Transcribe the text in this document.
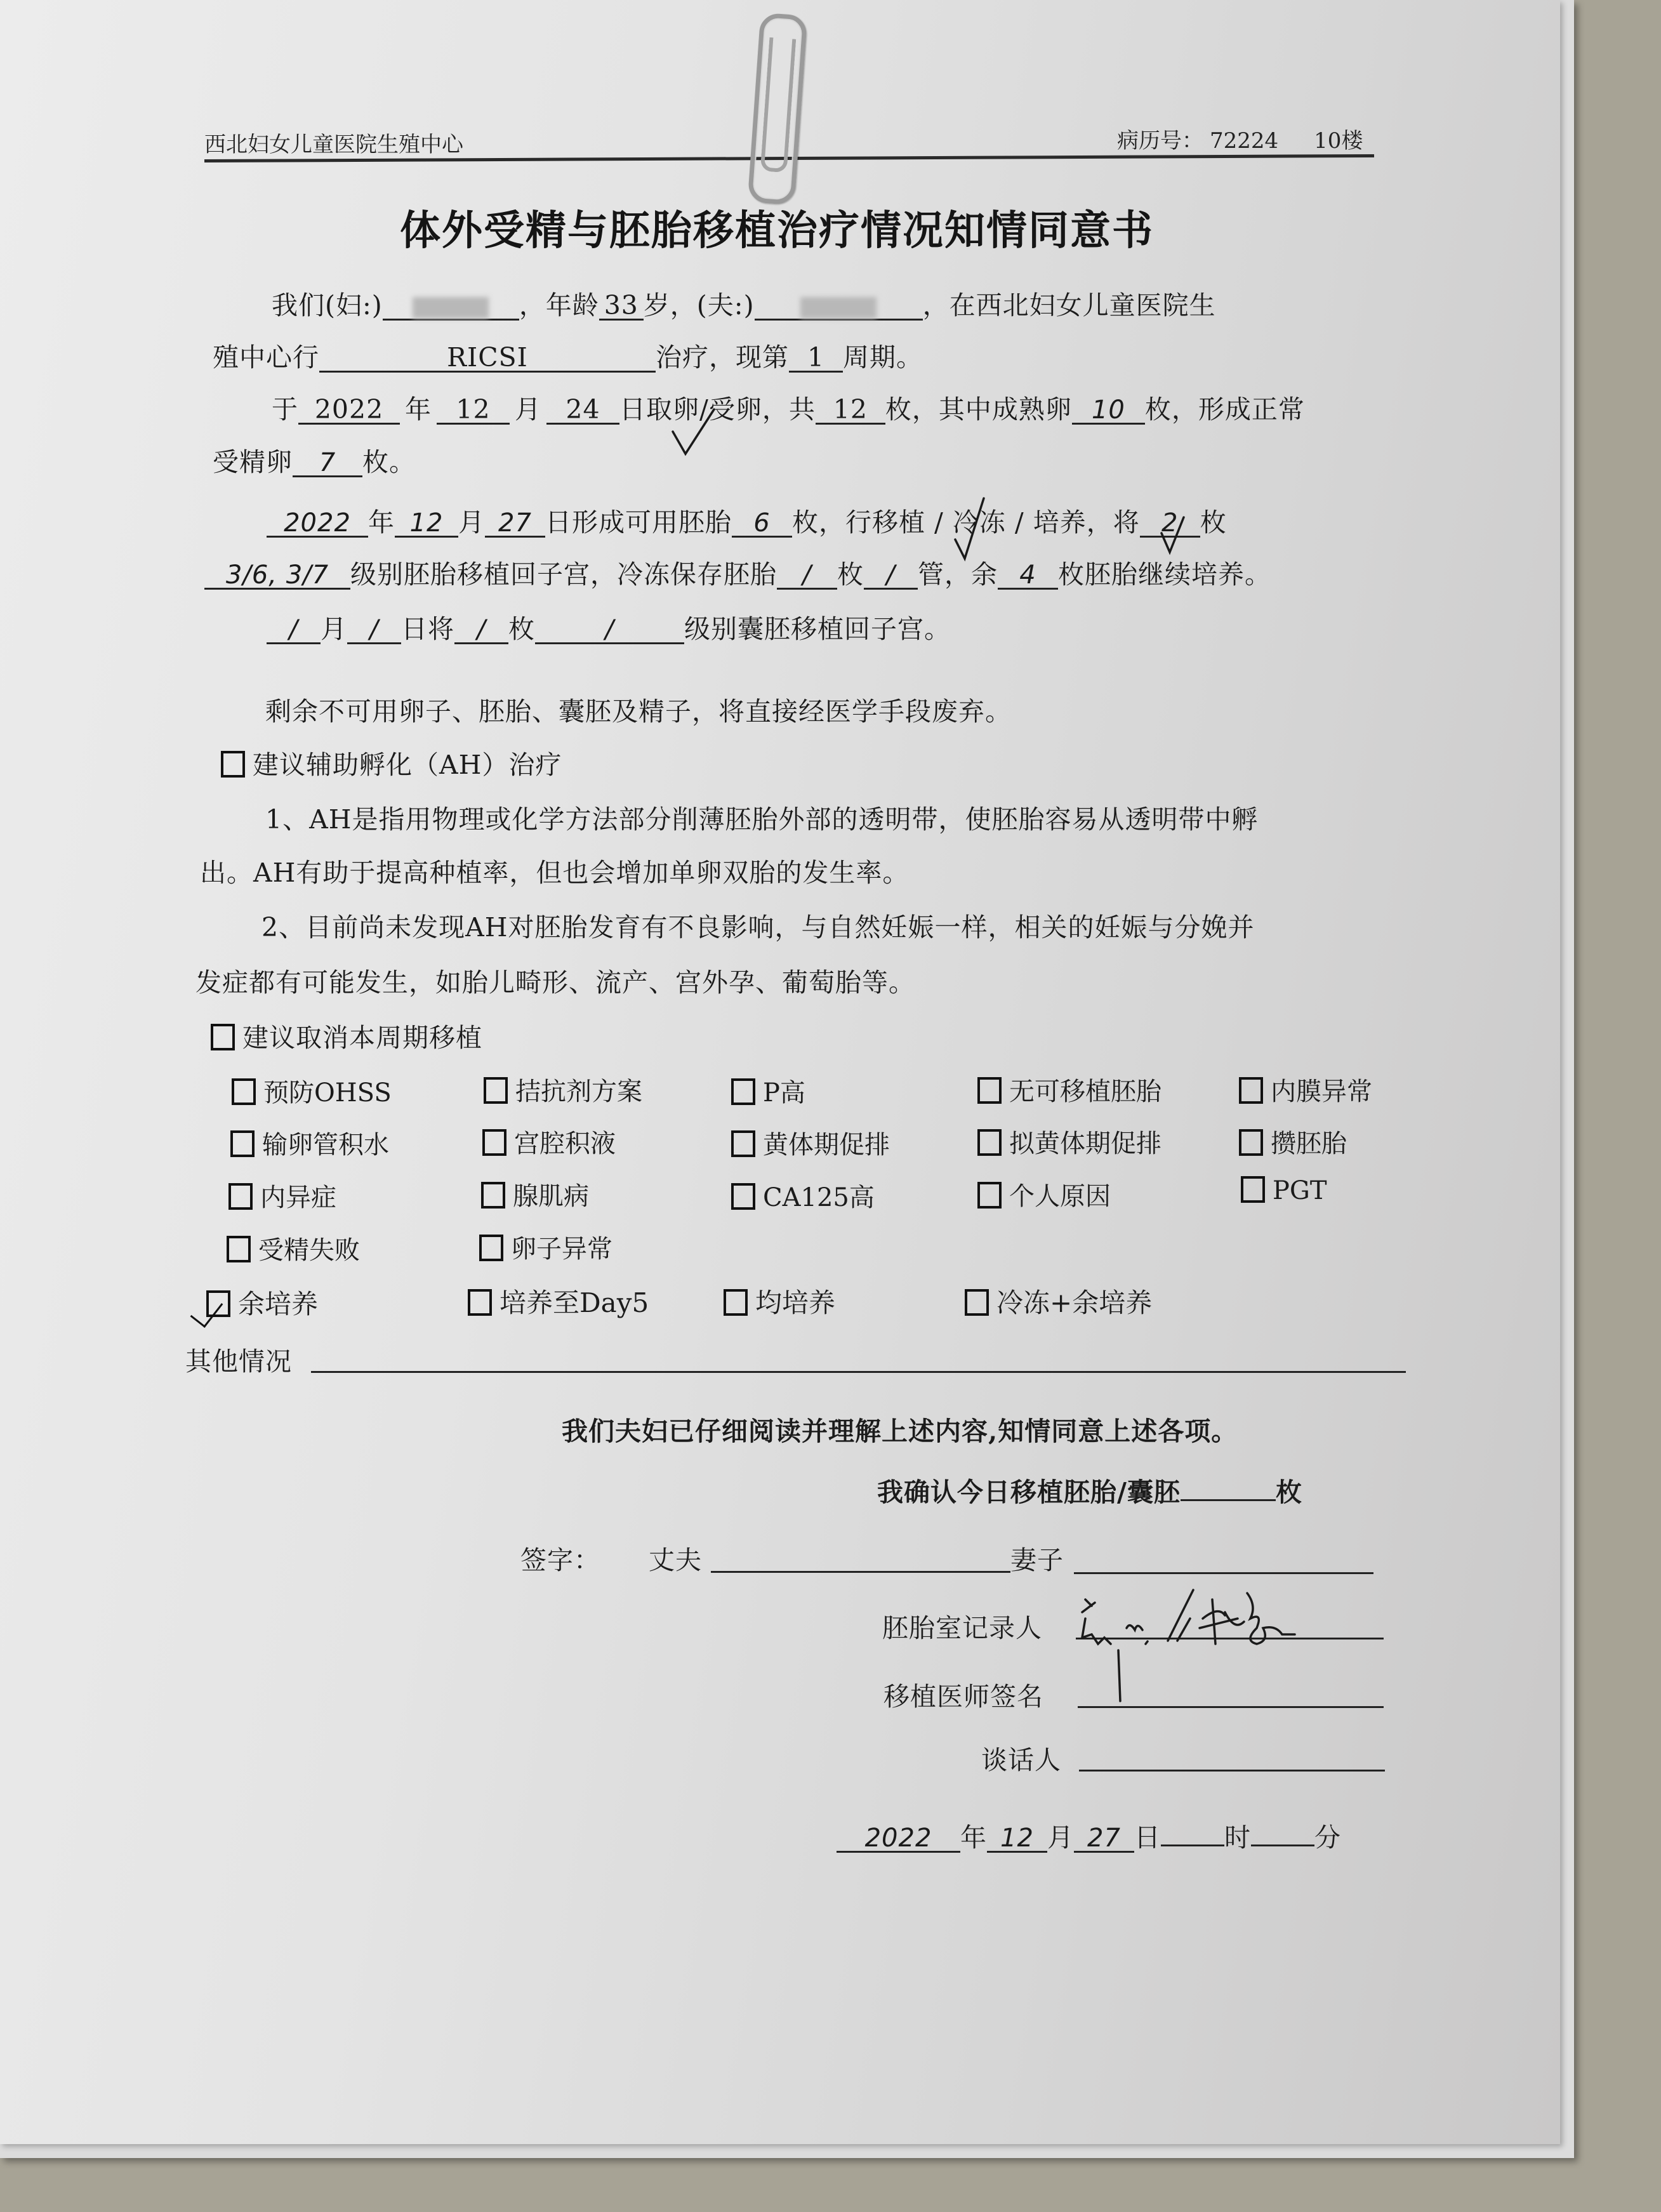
西北妇女儿童医院生殖中心	病历号： 72224 10楼
体外受精与胚胎移植治疗情况知情同意书
我们(妇:)	，年龄 33 岁，(夫:)	，在西北妇女儿童医院生
殖中心行	RICSI	治疗，现第 1 周期。
于 2022 年 12 月 24 日取卵/受卵，共 12 枚，其中成熟卵 10 枚，形成正常
受精卵 7 枚。
2022 年 12 月 27 日形成可用胚胎 6 枚，行移植 / 冷冻 / 培养，将 2 枚
3/6, 3/7 级别胚胎移植回子宫，冷冻保存胚胎 / 枚 / 管，余 4 枚胚胎继续培养。
/ 月 / 日将 / 枚	/	级别囊胚移植回子宫。
剩余不可用卵子、胚胎、囊胚及精子，将直接经医学手段废弃。
建议辅助孵化（AH）治疗
1、AH是指用物理或化学方法部分削薄胚胎外部的透明带，使胚胎容易从透明带中孵
出。AH有助于提高种植率，但也会增加单卵双胎的发生率。
2、目前尚未发现AH对胚胎发育有不良影响，与自然妊娠一样，相关的妊娠与分娩并
发症都有可能发生，如胎儿畸形、流产、宫外孕、葡萄胎等。
建议取消本周期移植
预防OHSS	拮抗剂方案	P高	无可移植胚胎	内膜异常
输卵管积水	宫腔积液	黄体期促排	拟黄体期促排	攒胚胎
内异症	腺肌病	CA125高	个人原因	PGT
受精失败	卵子异常
余培养	培养至Day5	均培养	冷冻+余培养
其他情况
我们夫妇已仔细阅读并理解上述内容,知情同意上述各项。
我确认今日移植胚胎/囊胚	枚
签字： 丈夫	妻子
胚胎室记录人
移植医师签名
谈话人
2022 年 12 月 27 日 时 分
